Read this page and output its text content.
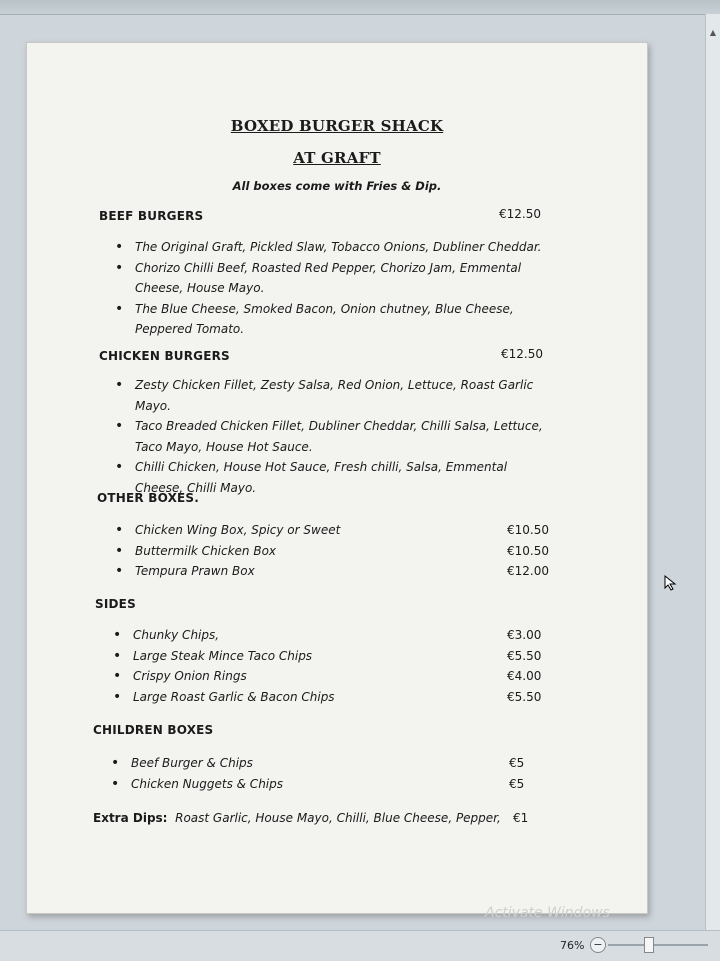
▲
BOXED BURGER SHACK
AT GRAFT
All boxes come with Fries & Dip.
BEEF BURGERS	€12.50
• The Original Graft, Pickled Slaw, Tobacco Onions, Dubliner Cheddar.
• Chorizo Chilli Beef, Roasted Red Pepper, Chorizo Jam, Emmental Cheese, House Mayo.
• The Blue Cheese, Smoked Bacon, Onion chutney, Blue Cheese, Peppered Tomato.
CHICKEN BURGERS	€12.50
• Zesty Chicken Fillet, Zesty Salsa, Red Onion, Lettuce, Roast Garlic Mayo.
• Taco Breaded Chicken Fillet, Dubliner Cheddar, Chilli Salsa, Lettuce, Taco Mayo, House Hot Sauce.
• Chilli Chicken, House Hot Sauce, Fresh chilli, Salsa, Emmental Cheese, Chilli Mayo.
OTHER BOXES.
• Chicken Wing Box, Spicy or Sweet	€10.50
• Buttermilk Chicken Box	€10.50
• Tempura Prawn Box	€12.00
SIDES
• Chunky Chips,	€3.00
• Large Steak Mince Taco Chips	€5.50
• Crispy Onion Rings	€4.00
• Large Roast Garlic & Bacon Chips	€5.50
CHILDREN BOXES
• Beef Burger & Chips	€5
• Chicken Nuggets & Chips	€5
Extra Dips: Roast Garlic, House Mayo, Chilli, Blue Cheese, Pepper, €1
Activate Windows
76% −
